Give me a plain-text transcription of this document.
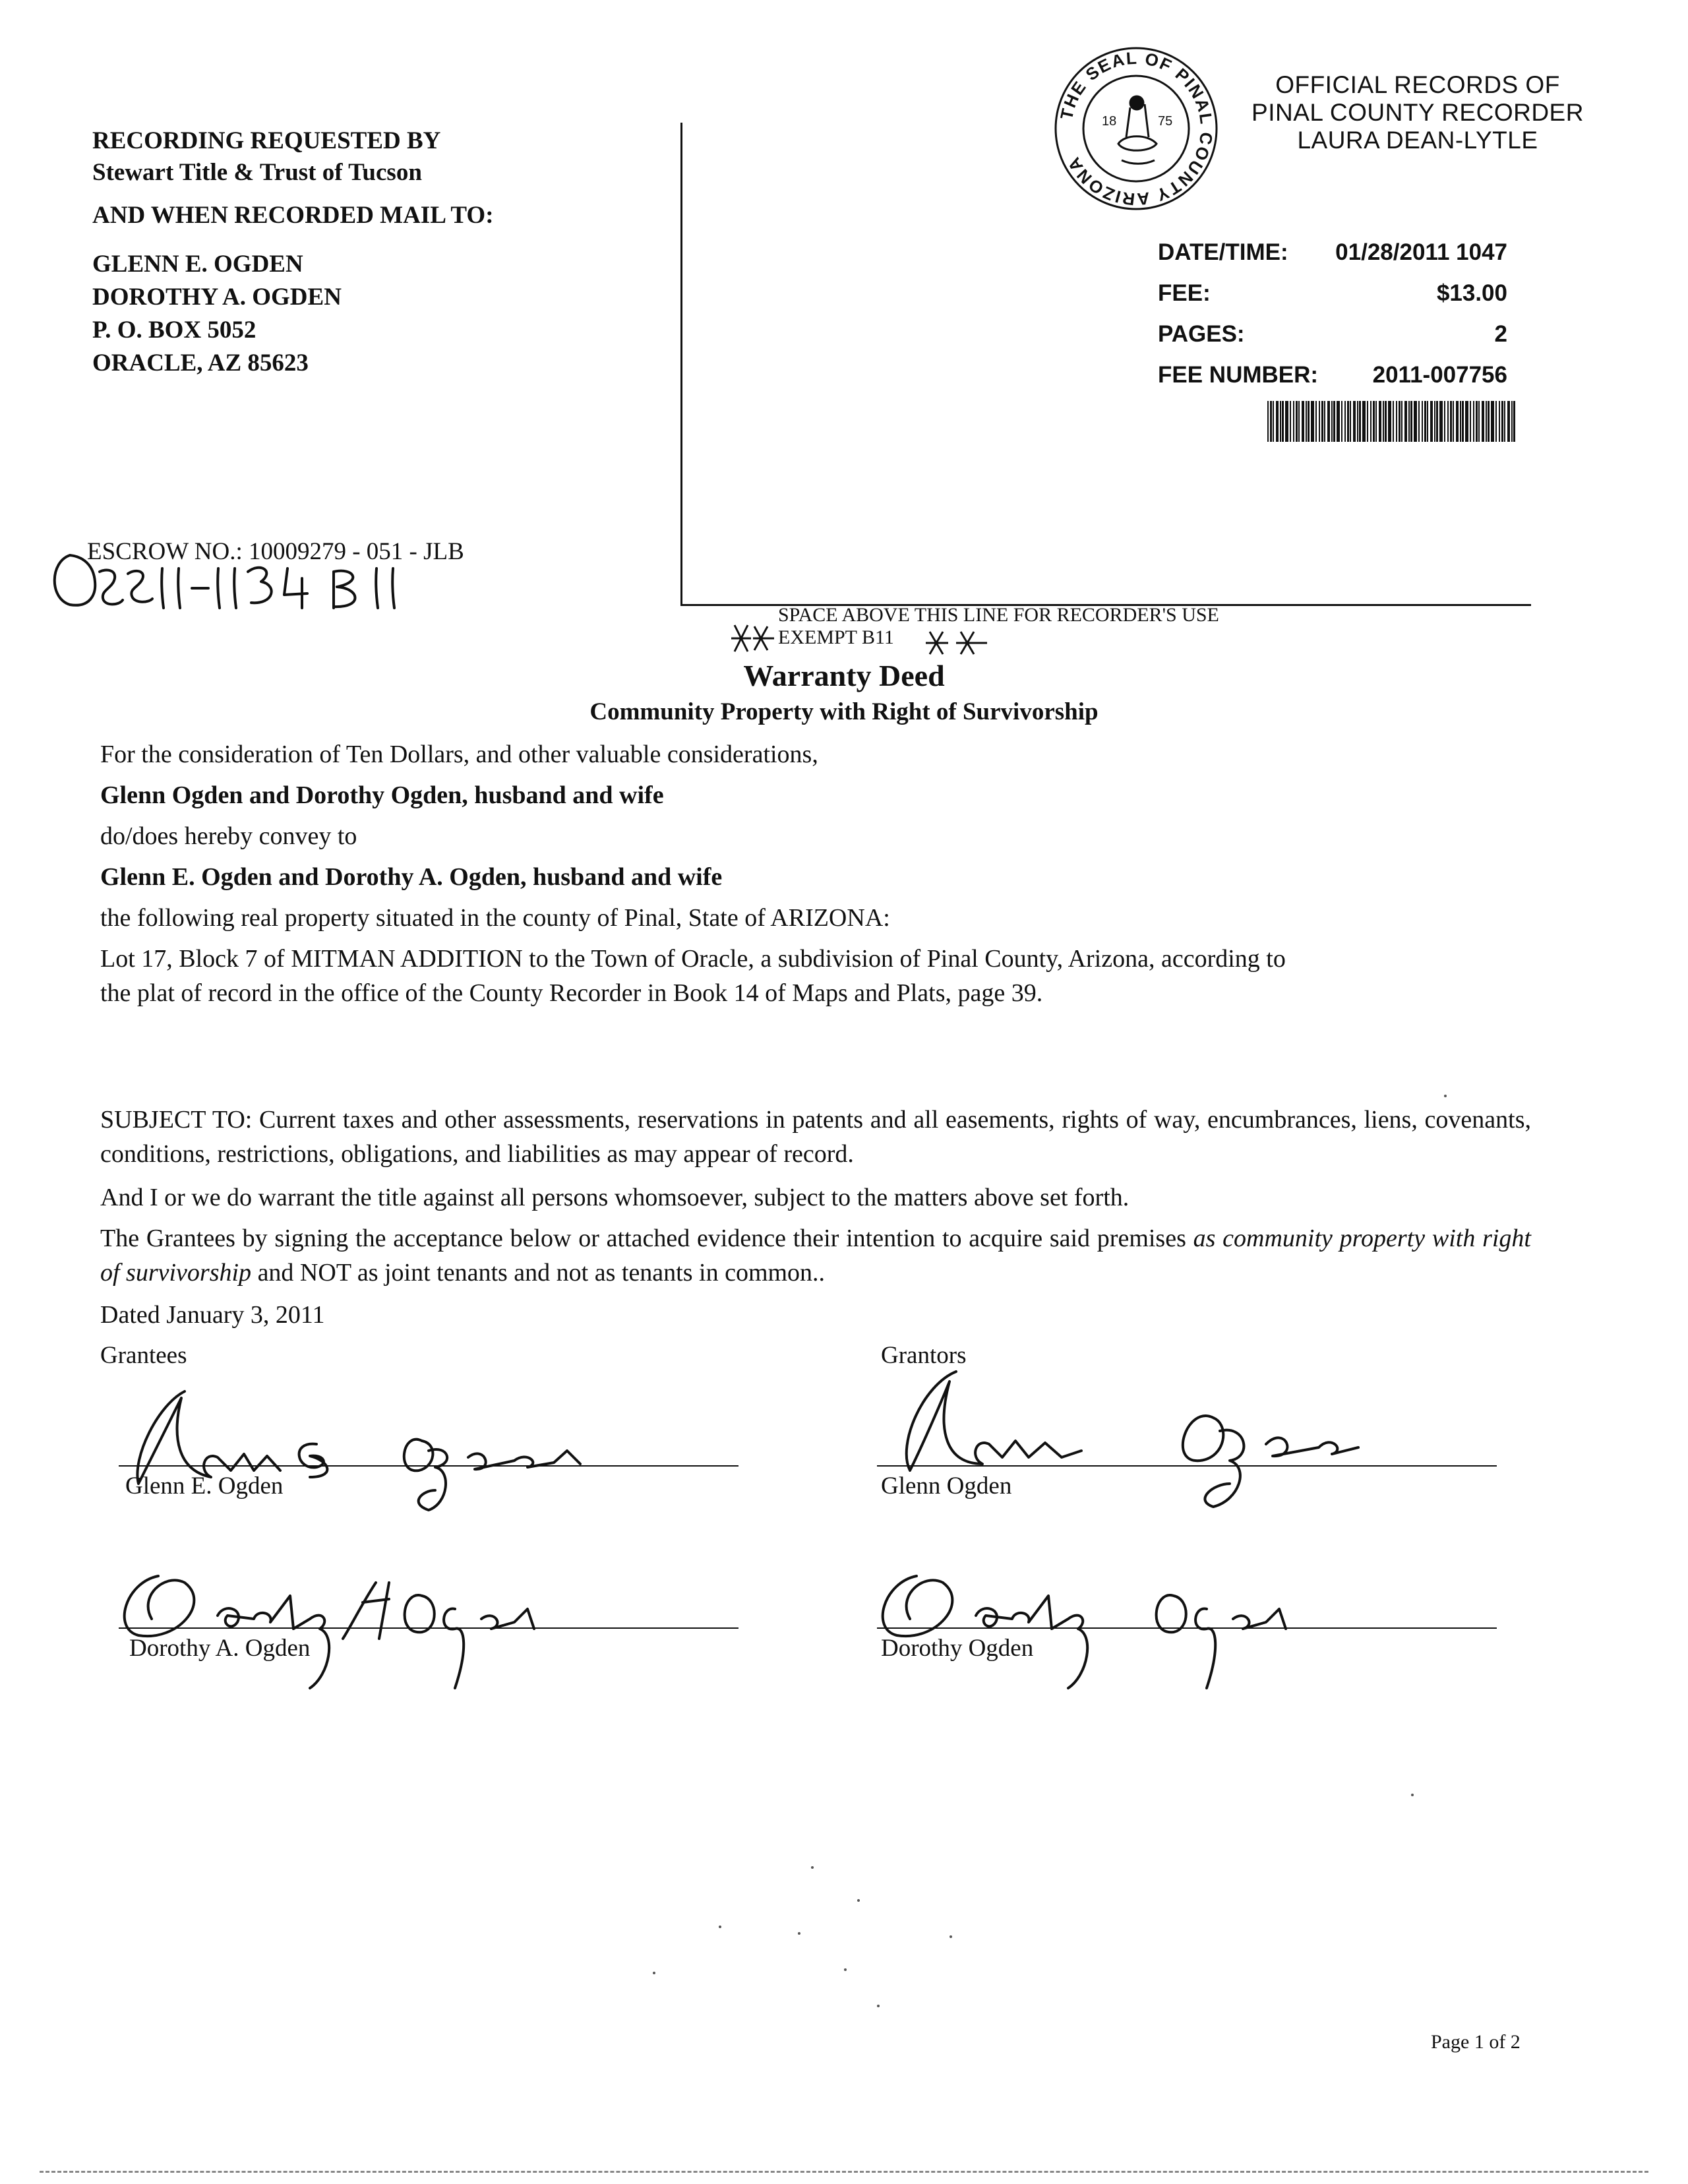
RECORDING REQUESTED BY
Stewart Title & Trust of Tucson
AND WHEN RECORDED MAIL TO:
GLENN E. OGDEN
DOROTHY A. OGDEN
P. O. BOX 5052
ORACLE, AZ 85623
ESCROW NO.: 10009279 - 051 - JLB
THE SEAL OF PINAL COUNTY ARIZONA
18	75
OFFICIAL RECORDS OF
PINAL COUNTY RECORDER
LAURA DEAN-LYTLE
DATE/TIME: 01/28/2011 1047
FEE:	$13.00
PAGES:	2
FEE NUMBER: 2011-007756
SPACE ABOVE THIS LINE FOR RECORDER'S USE
EXEMPT B11
Warranty Deed
Community Property with Right of Survivorship
For the consideration of Ten Dollars, and other valuable considerations,
Glenn Ogden and Dorothy Ogden, husband and wife
do/does hereby convey to
Glenn E. Ogden and Dorothy A. Ogden, husband and wife
the following real property situated in the county of Pinal, State of ARIZONA:
Lot 17, Block 7 of MITMAN ADDITION to the Town of Oracle, a subdivision of Pinal County, Arizona, according to
the plat of record in the office of the County Recorder in Book 14 of Maps and Plats, page 39.
SUBJECT TO: Current taxes and other assessments, reservations in patents and all easements, rights of way, encumbrances, liens, covenants, conditions, restrictions, obligations, and liabilities as may appear of record.
And I or we do warrant the title against all persons whomsoever, subject to the matters above set forth.
The Grantees by signing the acceptance below or attached evidence their intention to acquire said premises as community property with right of survivorship and NOT as joint tenants and not as tenants in common..
Dated January 3, 2011
Grantees	Grantors
Glenn E. Ogden	Glenn Ogden
Dorothy A. Ogden	Dorothy Ogden
Page 1 of 2
